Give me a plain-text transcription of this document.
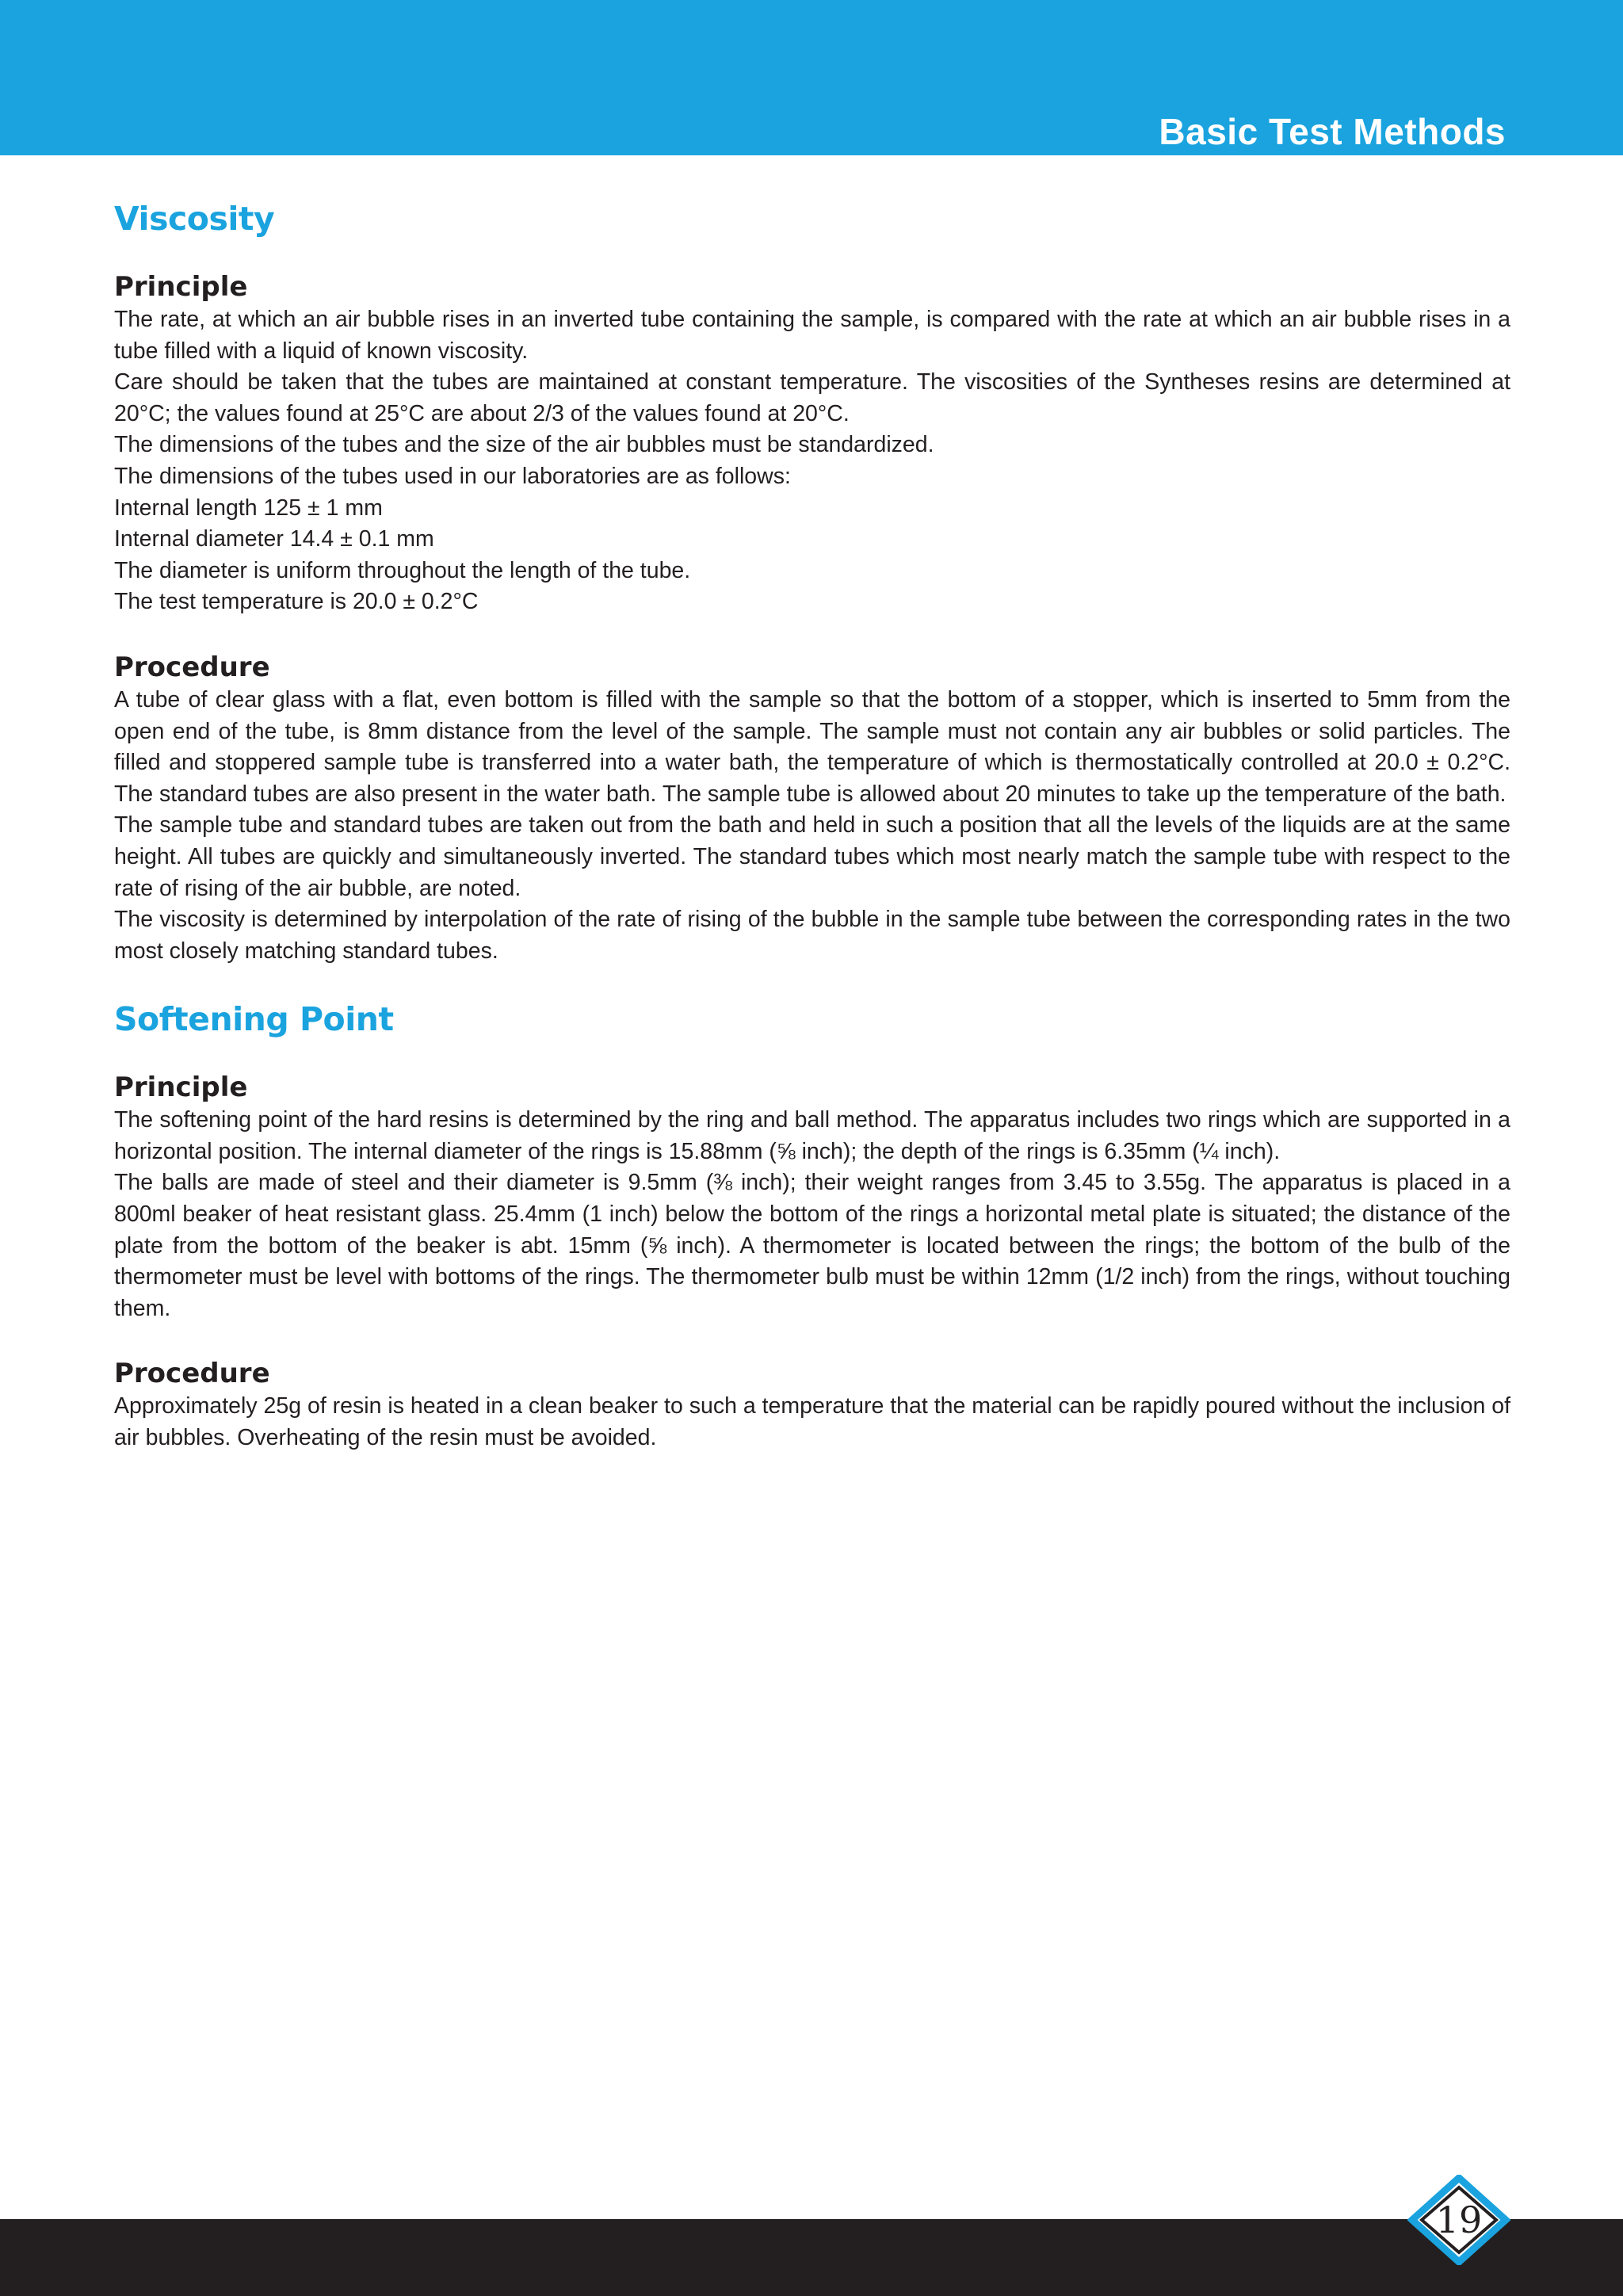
Basic Test Methods
Viscosity
Principle

The rate, at which an air bubble rises in an inverted tube containing the sample, is compared with the rate at which an air bubble rises in a tube filled with a liquid of known viscosity.

Care should be taken that the tubes are maintained at constant temperature. The viscosities of the Syntheses resins are determined at 20°C; the values found at 25°C are about 2/3 of the values found at 20°C.

The dimensions of the tubes and the size of the air bubbles must be standardized.

The dimensions of the tubes used in our laboratories are as follows:

Internal length 125 ± 1 mm

Internal diameter 14.4 ± 0.1 mm

The diameter is uniform throughout the length of the tube.

The test temperature is 20.0 ± 0.2°C

Procedure

A tube of clear glass with a flat, even bottom is filled with the sample so that the bottom of a stopper, which is inserted to 5mm from the open end of the tube, is 8mm distance from the level of the sample. The sample must not contain any air bubbles or solid particles. The filled and stoppered sample tube is transferred into a water bath, the temperature of which is thermostatically controlled at 20.0 ± 0.2°C. The standard tubes are also present in the water bath. The sample tube is allowed about 20 minutes to take up the temperature of the bath.

The sample tube and standard tubes are taken out from the bath and held in such a position that all the levels of the liquids are at the same height. All tubes are quickly and simultaneously inverted. The standard tubes which most nearly match the sample tube with respect to the rate of rising of the air bubble, are noted.

The viscosity is determined by interpolation of the rate of rising of the bubble in the sample tube between the corresponding rates in the two most closely matching standard tubes.

Softening Point
Principle

The softening point of the hard resins is determined by the ring and ball method. The apparatus includes two rings which are supported in a horizontal position. The internal diameter of the rings is 15.88mm (⅝ inch); the depth of the rings is 6.35mm (¼ inch).

The balls are made of steel and their diameter is 9.5mm (⅜ inch); their weight ranges from 3.45 to 3.55g. The apparatus is placed in a 800ml beaker of heat resistant glass. 25.4mm (1 inch) below the bottom of the rings a horizontal metal plate is situated; the distance of the plate from the bottom of the beaker is abt. 15mm (⅝ inch). A thermometer is located between the rings; the bottom of the bulb of the thermometer must be level with bottoms of the rings. The thermometer bulb must be within 12mm (1/2 inch) from the rings, without touching them.

Procedure

Approximately 25g of resin is heated in a clean beaker to such a temperature that the material can be rapidly poured without the inclusion of air bubbles. Overheating of the resin must be avoided.

19
